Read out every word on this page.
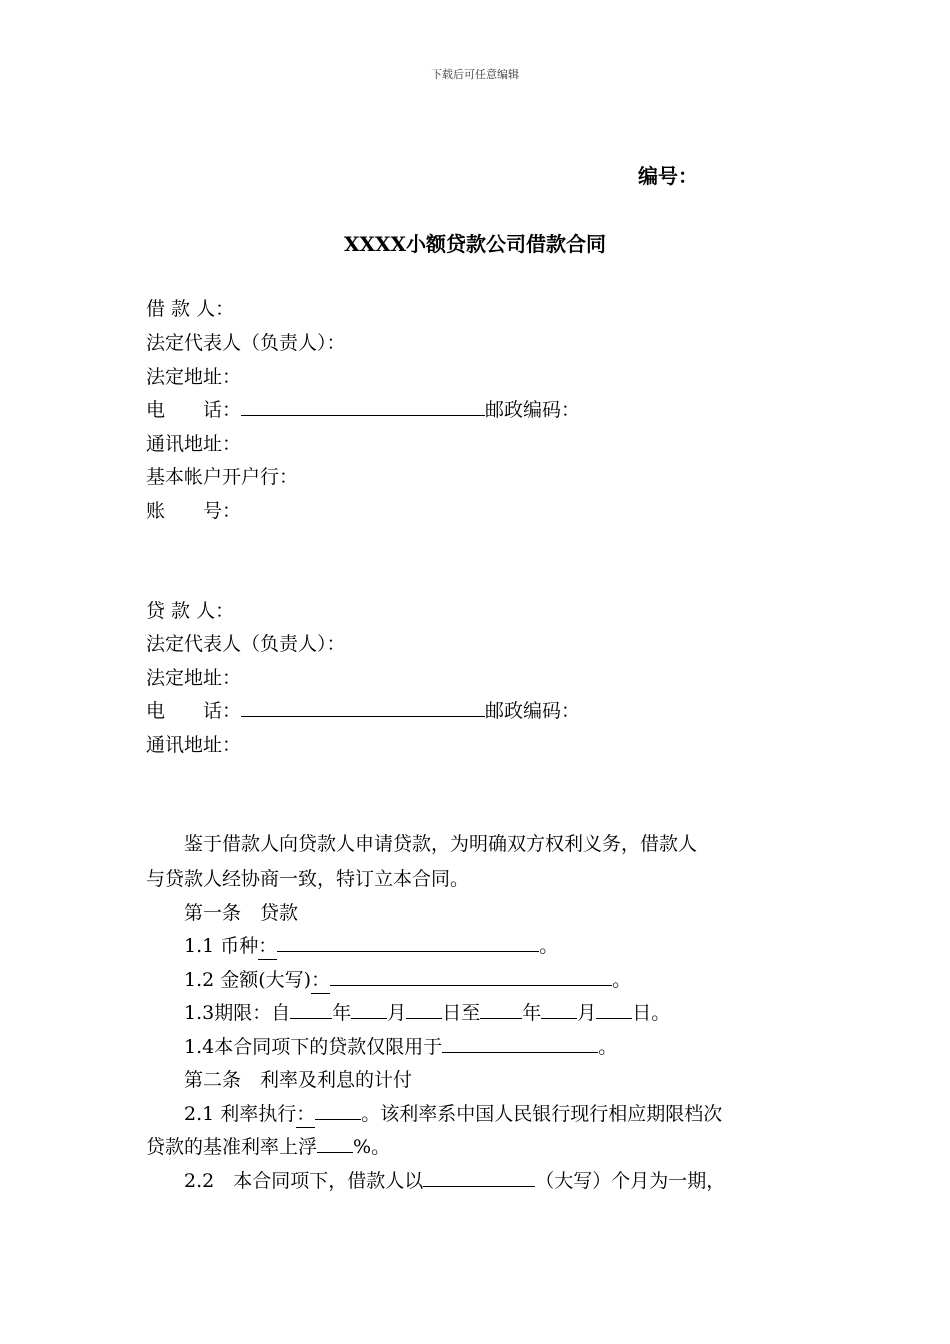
下载后可任意编辑
编号：
XXXX小额贷款公司借款合同
借 款 人：
法定代表人（负责人）：
法定地址：
电　　话：	邮政编码：
通讯地址：
基本帐户开户行：
账　　号：
贷 款 人：
法定代表人（负责人）：
法定地址：
电　　话：	邮政编码：
通讯地址：
鉴于借款人向贷款人申请贷款，为明确双方权利义务，借款人
与贷款人经协商一致，特订立本合同。
第一条　贷款
1.1 币种：	。
1.2 金额(大写)：	。
1.3期限：自 年 月 日至 年 月 日。
1.4本合同项下的贷款仅限用于	。
第二条　利率及利息的计付
2.1 利率执行： 。该利率系中国人民银行现行相应期限档次
贷款的基准利率上浮 %。
2.2　本合同项下，借款人以	（大写）个月为一期，
